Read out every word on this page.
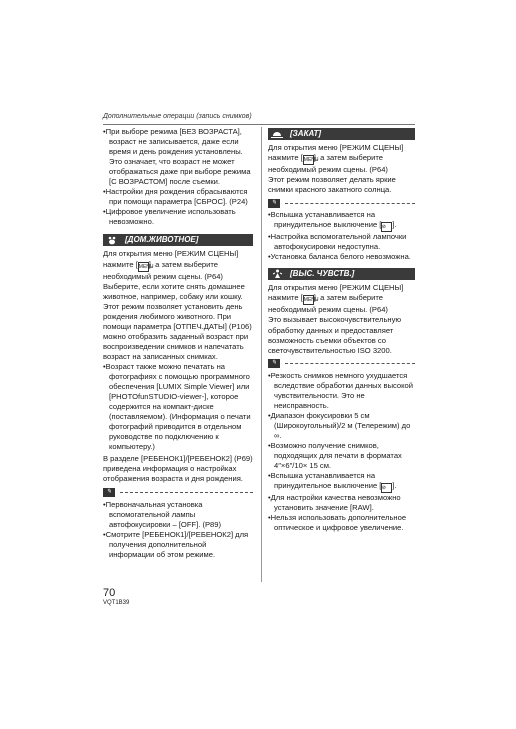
Дополнительные операции (запись снимков)

•При выборе режима [БЕЗ ВОЗРАСТА], возраст не записывается, даже если время и день рождения установлены. Это означает, что возраст не может отображаться даже при выборе режима [С ВОЗРАСТОМ] после съемки.

•Настройки дня рождения сбрасываются при помощи параметра [СБРОС]. (P24)

•Цифровое увеличение использовать невозможно.

[ДОМ.ЖИВОТНОЕ]

Для открытия меню [РЕЖИМ СЦЕНЫ] нажмите [MENU], а затем выберите необходимый режим сцены. (P64)

Выберите, если хотите снять домашнее животное, например, собаку или кошку. Этот режим позволяет установить день рождения любимого животного. При помощи параметра [ОТПЕЧ.ДАТЫ] (P106) можно отобразить заданный возраст при воспроизведении снимков и напечатать возраст на записанных снимках.

•Возраст также можно печатать на фотографиях с помощью программного обеспечения [LUMIX Simple Viewer] или [PHOTOfunSTUDIO-viewer-], которое содержится на компакт-диске (поставляемом). (Информация о печати фотографий приводится в отдельном руководстве по подключению к компьютеру.)

В разделе [РЕБЕНОК1]/[РЕБЕНОК2] (P69) приведена информация о настройках отображения возраста и дня рождения.

✎

•Первоначальная установка вспомогательной лампы автофокусировки – [OFF]. (P89)

•Смотрите [РЕБЕНОК1]/[РЕБЕНОК2] для получения дополнительной информации об этом режиме.

[ЗАКАТ]

Для открытия меню [РЕЖИМ СЦЕНЫ] нажмите [MENU], а затем выберите необходимый режим сцены. (P64)

Этот режим позволяет делать яркие снимки красного закатного солнца.

✎

•Вспышка устанавливается на принудительное выключение [⊘ ].

•Настройка вспомогательной лампочки автофокусировки недоступна.

•Установка баланса белого невозможна.

[ВЫС. ЧУВСТВ.]

Для открытия меню [РЕЖИМ СЦЕНЫ] нажмите [MENU], а затем выберите необходимый режим сцены. (P64)

Это вызывает высокочувствительную обработку данных и предоставляет возможность съемки объектов со светочувствительностью ISO 3200.

✎

•Резкость снимков немного ухудшается вследствие обработки данных высокой чувствительности. Это не неисправность.

•Диапазон фокусировки 5 см (Широкоугольный)/2 м (Телережим) до ∞.

•Возможно получение снимков, подходящих для печати в форматах 4″×6″/10× 15 см.

•Вспышка устанавливается на принудительное выключение [⊘ ].

•Для настройки качества невозможно установить значение [RAW].

•Нельзя использовать дополнительное оптическое и цифровое увеличение.

70
VQT1B39
